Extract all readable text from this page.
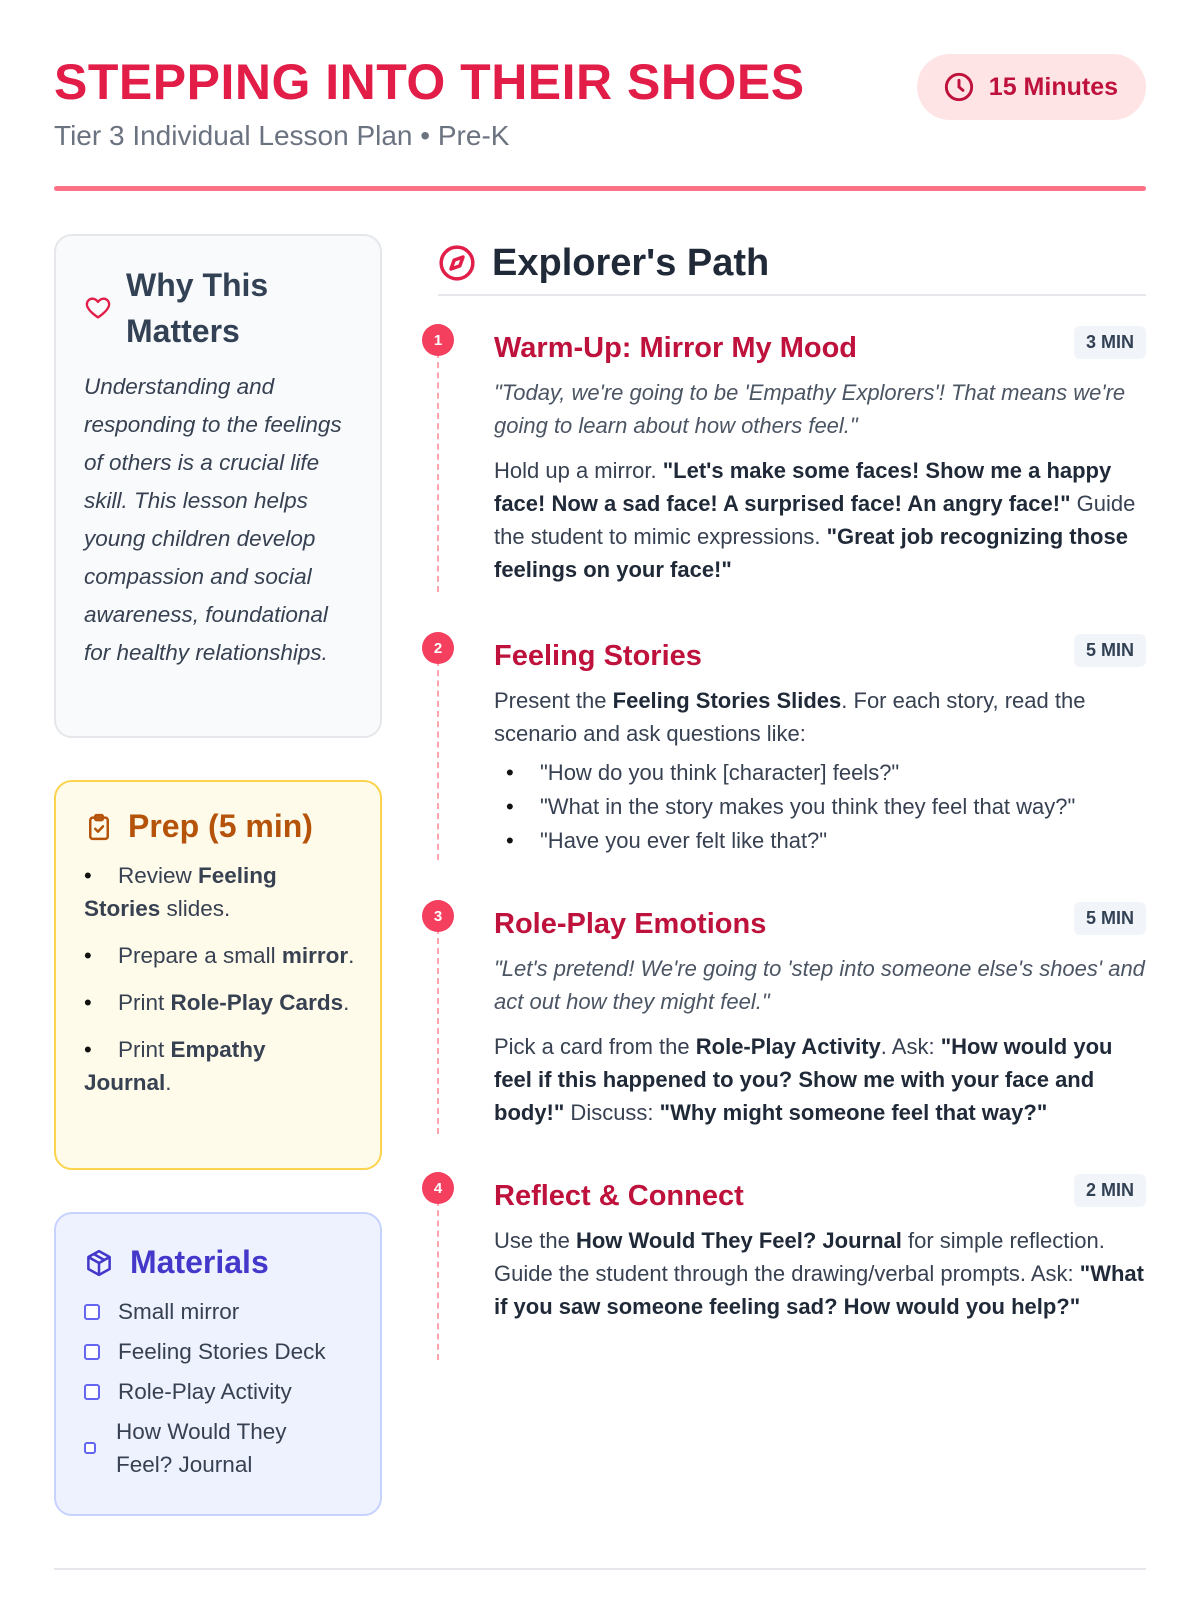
STEPPING INTO THEIR SHOES
Tier 3 Individual Lesson Plan • Pre-K
15 Minutes
Why This Matters
Understanding and responding to the feelings of others is a crucial life skill. This lesson helps young children develop compassion and social awareness, foundational for healthy relationships.
Prep (5 min)
• Review Feeling Stories slides.
• Prepare a small mirror.
• Print Role-Play Cards.
• Print Empathy Journal.
Materials
Small mirror
Feeling Stories Deck
Role-Play Activity
How Would They Feel? Journal
Explorer's Path
1	Warm-Up: Mirror My Mood	3 MIN
"Today, we're going to be 'Empathy Explorers'! That means we're going to learn about how others feel."
Hold up a mirror. "Let's make some faces! Show me a happy face! Now a sad face! A surprised face! An angry face!" Guide the student to mimic expressions. "Great job recognizing those feelings on your face!"
2	Feeling Stories	5 MIN
Present the Feeling Stories Slides. For each story, read the scenario and ask questions like:
• "How do you think [character] feels?"
• "What in the story makes you think they feel that way?"
• "Have you ever felt like that?"
3	Role-Play Emotions	5 MIN
"Let's pretend! We're going to 'step into someone else's shoes' and act out how they might feel."
Pick a card from the Role-Play Activity. Ask: "How would you feel if this happened to you? Show me with your face and body!" Discuss: "Why might someone feel that way?"
4	Reflect & Connect	2 MIN
Use the How Would They Feel? Journal for simple reflection. Guide the student through the drawing/verbal prompts. Ask: "What if you saw someone feeling sad? How would you help?"
